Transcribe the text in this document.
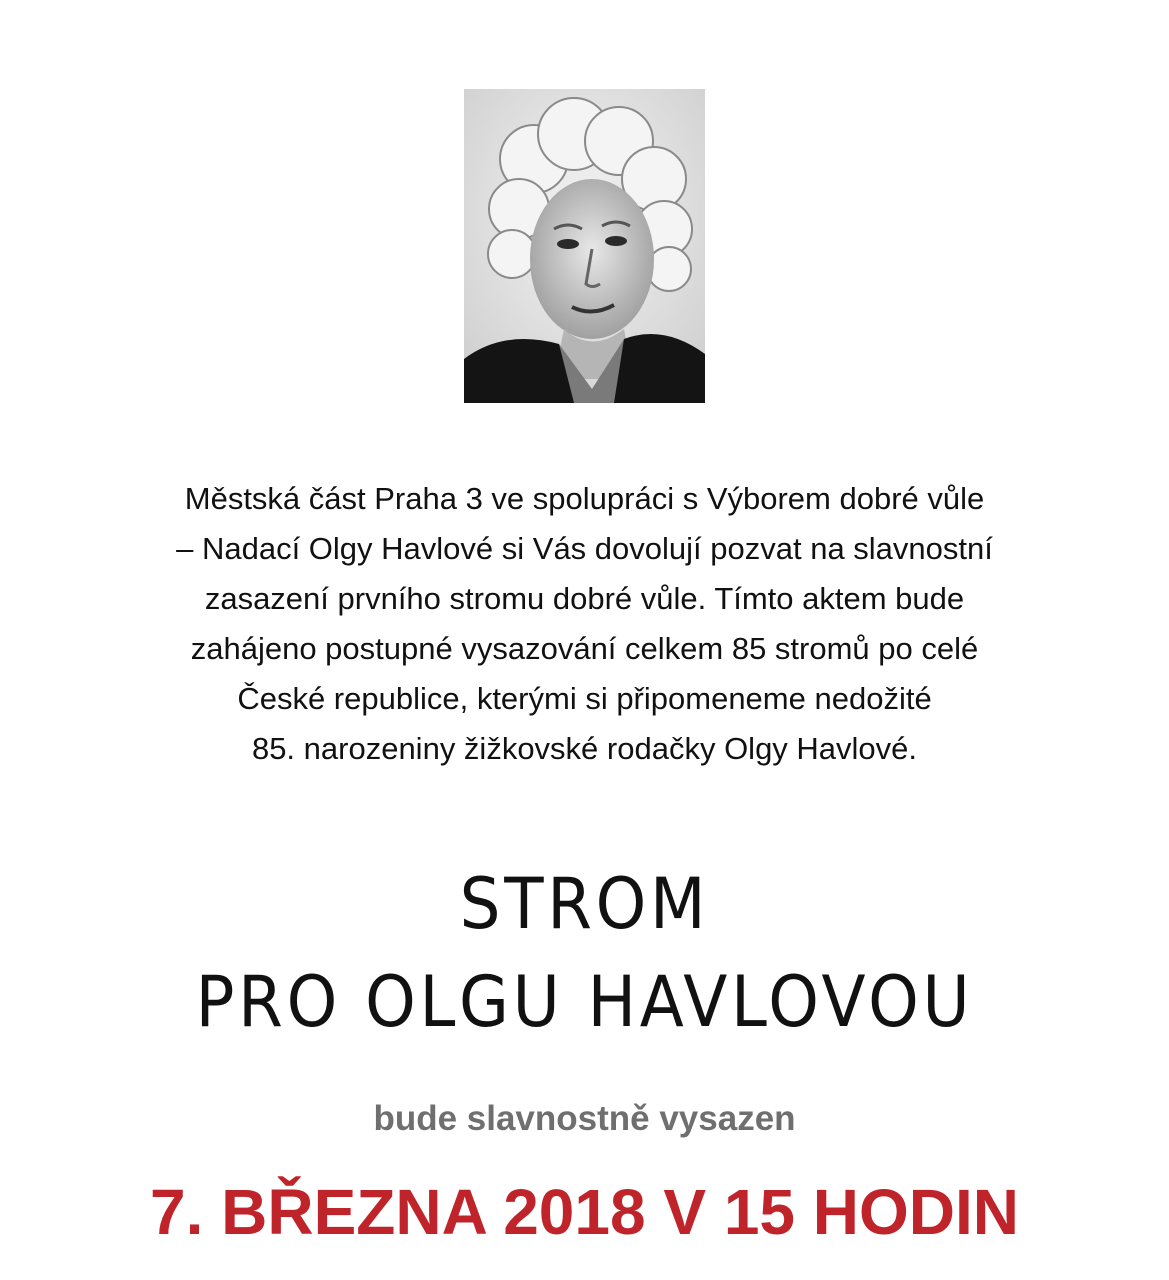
Městská část Praha 3 ve spolupráci s Výborem dobré vůle
– Nadací Olgy Havlové si Vás dovolují pozvat na slavnostní
zasazení prvního stromu dobré vůle. Tímto aktem bude
zahájeno postupné vysazování celkem 85 stromů po celé
České republice, kterými si připomeneme nedožité
85. narozeniny žižkovské rodačky Olgy Havlové.
STROM
PRO OLGU HAVLOVOU

bude slavnostně vysazen

7. BŘEZNA 2018 V 15 HODIN
